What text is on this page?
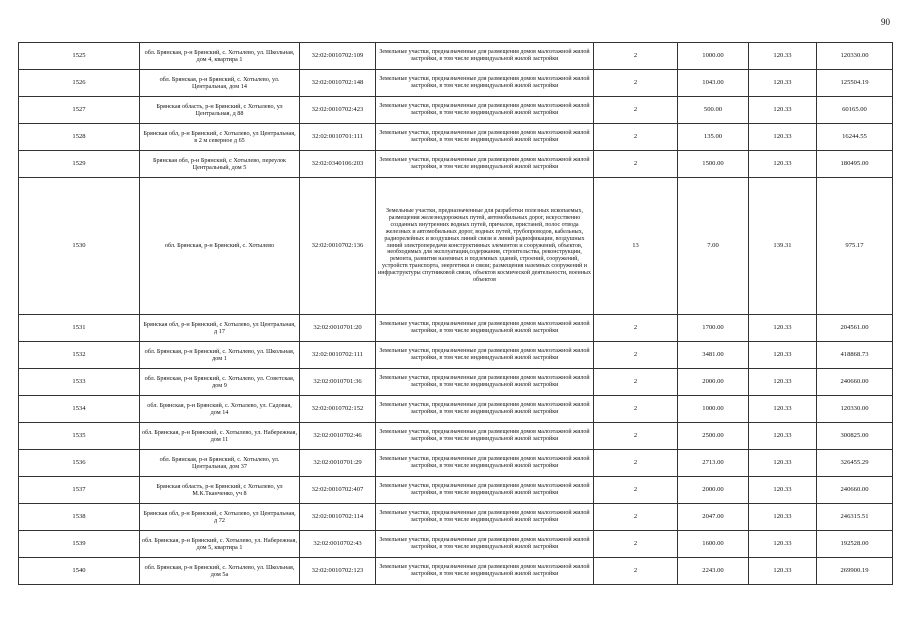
90
1525	обл. Брянская, р-н Брянский, с. Хотылево, ул. Школьная, дом 4, квартира 1	32:02:0010702:109	Земельные участки, предназначенные для размещения домов малоэтажной жилой застройки, в том числе индивидуальной жилой застройки	2	1000.00	120.33	120330.00
1526	обл. Брянская, р-н Брянский, с. Хотылево, ул. Центральная, дом 14	32:02:0010702:148	Земельные участки, предназначенные для размещения домов малоэтажной жилой застройки, в том числе индивидуальной жилой застройки	2	1043.00	120.33	125504.19
1527	Брянская область, р-н Брянский, с Хотылево, ул Центральная, д 88	32:02:0010702:423	Земельные участки, предназначенные для размещения домов малоэтажной жилой застройки, в том числе индивидуальной жилой застройки	2	500.00	120.33	60165.00
1528	Брянская обл, р-н Брянский, с Хотылево, ул Центральная, в 2 м северное д 65	32:02:0010701:111	Земельные участки, предназначенные для размещения домов малоэтажной жилой застройки, в том числе индивидуальной жилой застройки	2	135.00	120.33	16244.55
1529	Брянская обл, р-н Брянский, с Хотылево, переулок Центральный, дом 5	32:02:0340106:203	Земельные участки, предназначенные для размещения домов малоэтажной жилой застройки, в том числе индивидуальной жилой застройки	2	1500.00	120.33	180495.00
1530	обл. Брянская, р-н Брянский, с. Хотылево	32:02:0010702:136	Земельные участки, предназначенные для разработки полезных ископаемых, размещения железнодорожных путей, автомобильных дорог, искусственно созданных внутренних водных путей, причалов, пристаней, полос отвода железных и автомобильных дорог, водных путей, трубопроводов, кабельных, радиорелейных и воздушных линий связи и линий радиофикации, воздушных линий электропередачи конструктивных элементов и сооружений, объектов, необходимых для эксплуатации,содержания, строительства, реконструкции, ремонта, развития наземных и подземных зданий, строений, сооружений, устройств транспорта, энергетики и связи; размещения наземных сооружений и инфраструктуры спутниковой связи, объектов космической деятельности, военных объектов	13	7.00	139.31	975.17
1531	Брянская обл, р-н Брянский, с Хотылево, ул Центральная, д 17	32:02:0010701:20	Земельные участки, предназначенные для размещения домов малоэтажной жилой застройки, в том числе индивидуальной жилой застройки	2	1700.00	120.33	204561.00
1532	обл. Брянская, р-н Брянский, с. Хотылево, ул. Школьная, дом 1	32:02:0010702:111	Земельные участки, предназначенные для размещения домов малоэтажной жилой застройки, в том числе индивидуальной жилой застройки	2	3481.00	120.33	418868.73
1533	обл. Брянская, р-н Брянский, с. Хотылево, ул. Советская, дом 9	32:02:0010701:36	Земельные участки, предназначенные для размещения домов малоэтажной жилой застройки, в том числе индивидуальной жилой застройки	2	2000.00	120.33	240660.00
1534	обл. Брянская, р-н Брянский, с. Хотылево, ул. Садовая, дом 14	32:02:0010702:152	Земельные участки, предназначенные для размещения домов малоэтажной жилой застройки, в том числе индивидуальной жилой застройки	2	1000.00	120.33	120330.00
1535	обл. Брянская, р-н Брянский, с. Хотылево, ул. Набережная, дом 11	32:02:0010702:46	Земельные участки, предназначенные для размещения домов малоэтажной жилой застройки, в том числе индивидуальной жилой застройки	2	2500.00	120.33	300825.00
1536	обл. Брянская, р-н Брянский, с. Хотылево, ул. Центральная, дом 37	32:02:0010701:29	Земельные участки, предназначенные для размещения домов малоэтажной жилой застройки, в том числе индивидуальной жилой застройки	2	2713.00	120.33	326455.29
1537	Брянская область, р-н Брянский, с Хотылево, ул М.К.Тканченко, уч 8	32:02:0010702:407	Земельные участки, предназначенные для размещения домов малоэтажной жилой застройки, в том числе индивидуальной жилой застройки	2	2000.00	120.33	240660.00
1538	Брянская обл, р-н Брянский, с Хотылево, ул Центральная, д 72	32:02:0010702:114	Земельные участки, предназначенные для размещения домов малоэтажной жилой застройки, в том числе индивидуальной жилой застройки	2	2047.00	120.33	246315.51
1539	обл. Брянская, р-н Брянский, с. Хотылево, ул. Набережная, дом 5, квартира 1	32:02:0010702:43	Земельные участки, предназначенные для размещения домов малоэтажной жилой застройки, в том числе индивидуальной жилой застройки	2	1600.00	120.33	192528.00
1540	обл. Брянская, р-н Брянский, с. Хотылево, ул. Школьная, дом 5а	32:02:0010702:123	Земельные участки, предназначенные для размещения домов малоэтажной жилой застройки, в том числе индивидуальной жилой застройки	2	2243.00	120.33	269900.19
